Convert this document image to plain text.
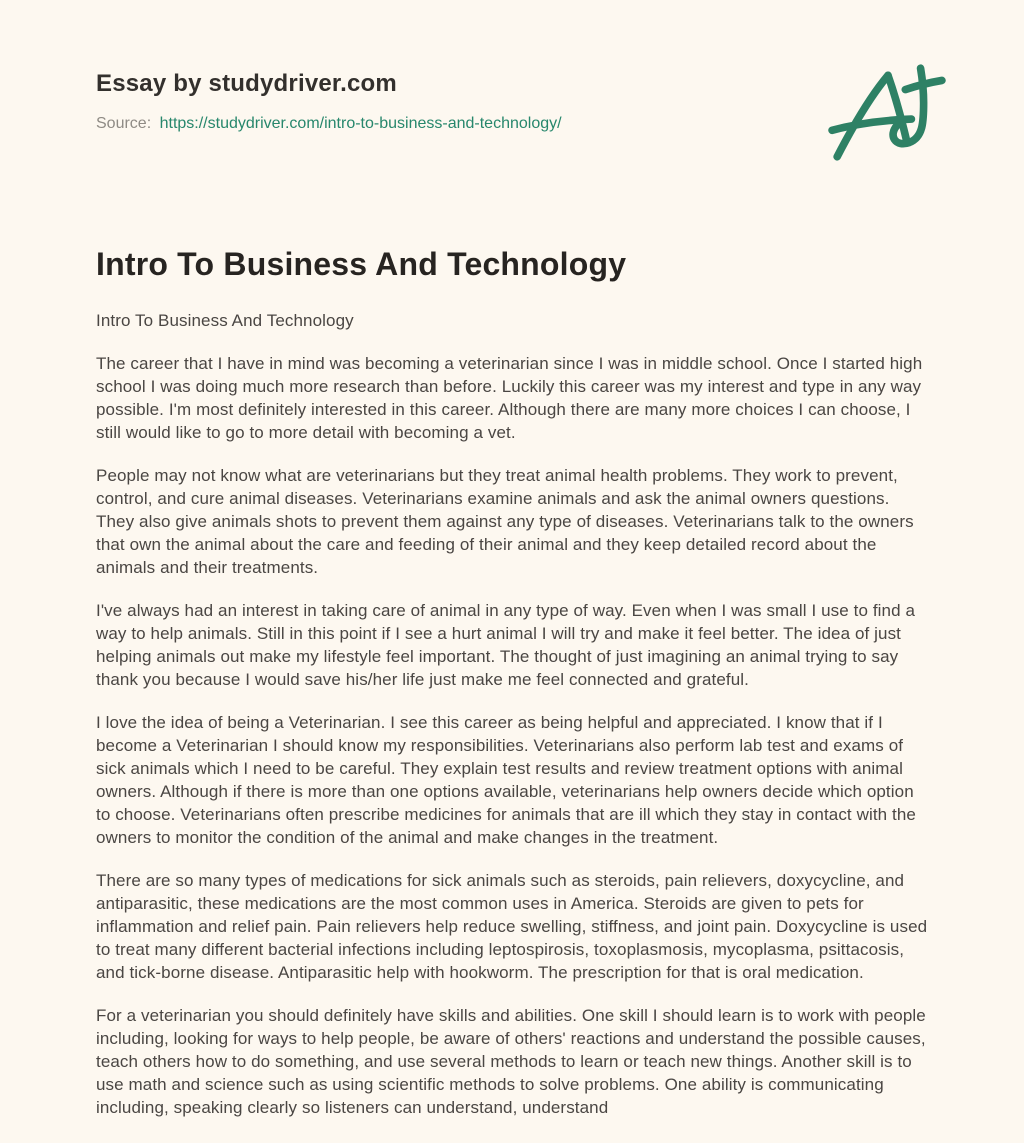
Essay by studydriver.com

Source: https://studydriver.com/intro-to-business-and-technology/

Intro To Business And Technology

Intro To Business And Technology

The career that I have in mind was becoming a veterinarian since I was in middle school. Once I started high school I was doing much more research than before. Luckily this career was my interest and type in any way possible. I'm most definitely interested in this career. Although there are many more choices I can choose, I still would like to go to more detail with becoming a vet.

People may not know what are veterinarians but they treat animal health problems. They work to prevent, control, and cure animal diseases. Veterinarians examine animals and ask the animal owners questions. They also give animals shots to prevent them against any type of diseases. Veterinarians talk to the owners that own the animal about the care and feeding of their animal and they keep detailed record about the animals and their treatments.

I've always had an interest in taking care of animal in any type of way. Even when I was small I use to find a way to help animals. Still in this point if I see a hurt animal I will try and make it feel better. The idea of just helping animals out make my lifestyle feel important. The thought of just imagining an animal trying to say thank you because I would save his/her life just make me feel connected and grateful.

I love the idea of being a Veterinarian. I see this career as being helpful and appreciated. I know that if I become a Veterinarian I should know my responsibilities. Veterinarians also perform lab test and exams of sick animals which I need to be careful. They explain test results and review treatment options with animal owners. Although if there is more than one options available, veterinarians help owners decide which option to choose. Veterinarians often prescribe medicines for animals that are ill which they stay in contact with the owners to monitor the condition of the animal and make changes in the treatment.

There are so many types of medications for sick animals such as steroids, pain relievers, doxycycline, and antiparasitic, these medications are the most common uses in America. Steroids are given to pets for inflammation and relief pain. Pain relievers help reduce swelling, stiffness, and joint pain. Doxycycline is used to treat many different bacterial infections including leptospirosis, toxoplasmosis, mycoplasma, psittacosis, and tick-borne disease. Antiparasitic help with hookworm. The prescription for that is oral medication.

For a veterinarian you should definitely have skills and abilities. One skill I should learn is to work with people including, looking for ways to help people, be aware of others' reactions and understand the possible causes, teach others how to do something, and use several methods to learn or teach new things. Another skill is to use math and science such as using scientific methods to solve problems. One ability is communicating including, speaking clearly so listeners can understand, understand
